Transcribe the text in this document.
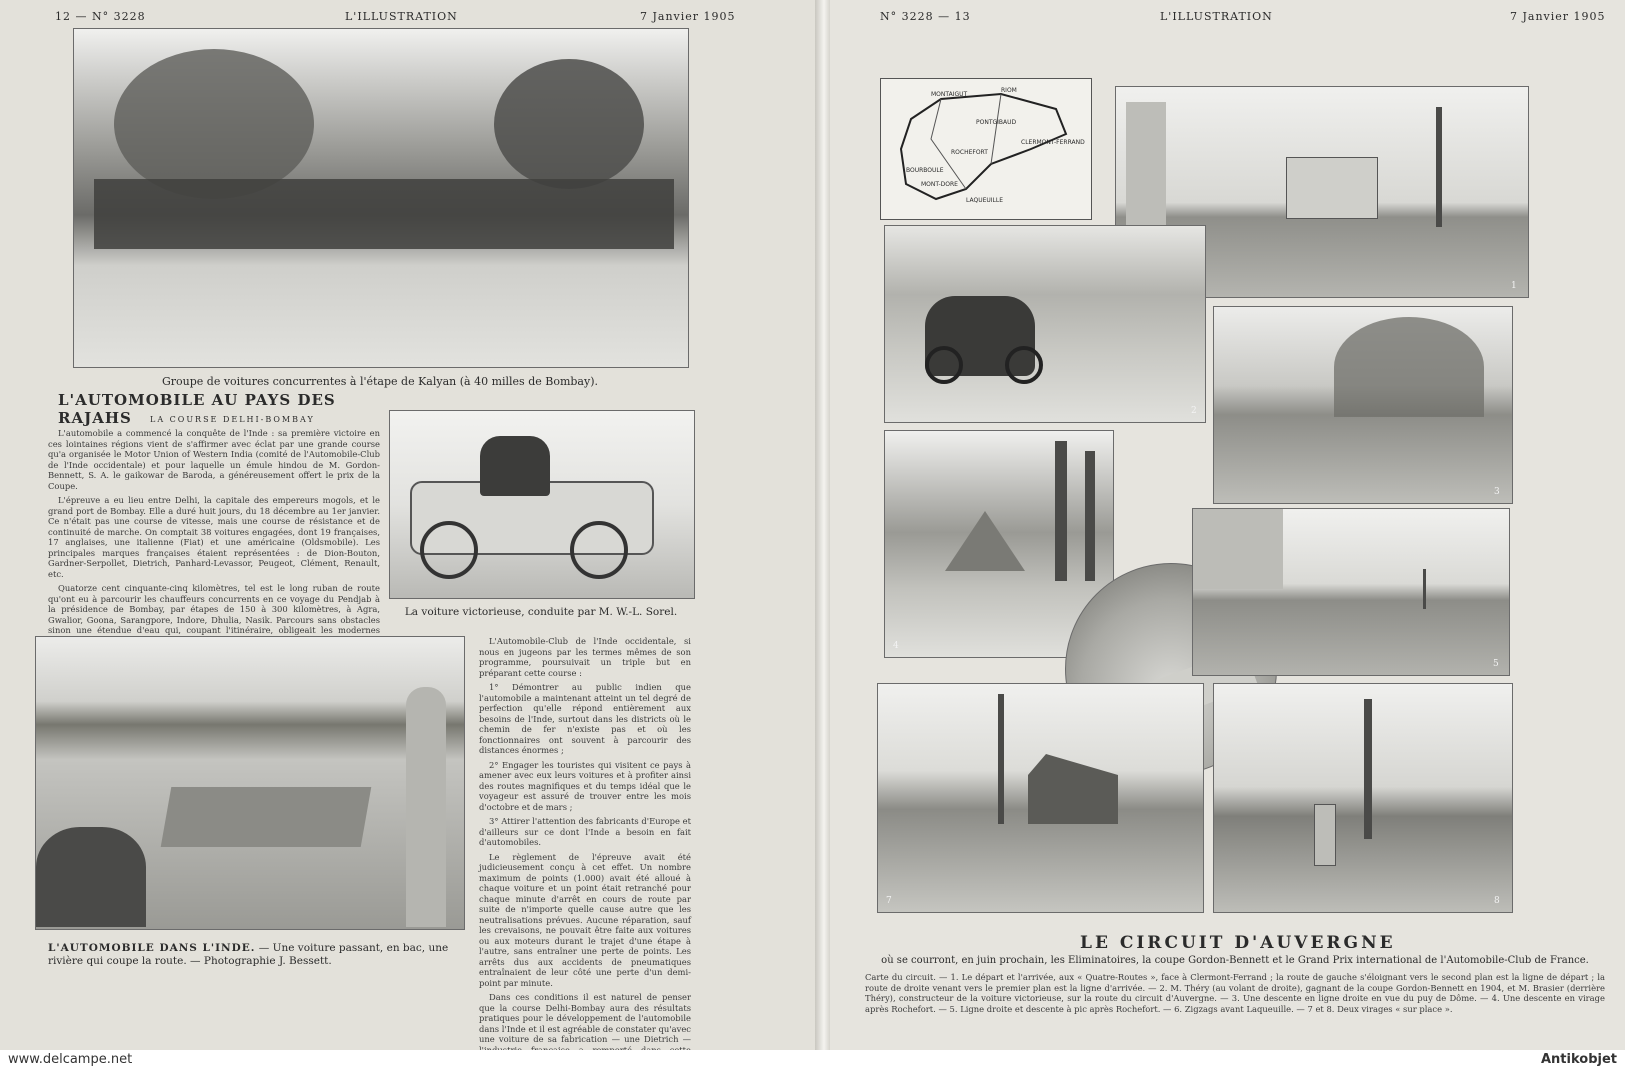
12 — N° 3228	L'ILLUSTRATION	7 Janvier 1905
Groupe de voitures concurrentes à l'étape de Kalyan (à 40 milles de Bombay).
L'AUTOMOBILE AU PAYS DES RAJAHS	LA COURSE DELHI-BOMBAY

L'automobile a commencé la conquête de l'Inde : sa première victoire en ces lointaines régions vient de s'affirmer avec éclat par une grande course qu'a organisée le Motor Union of Western India (comité de l'Automobile-Club de l'Inde occidentale) et pour laquelle un émule hindou de M. Gordon-Bennett, S. A. le gaikowar de Baroda, a généreusement offert le prix de la Coupe.

L'épreuve a eu lieu entre Delhi, la capitale des empereurs mogols, et le grand port de Bombay. Elle a duré huit jours, du 18 décembre au 1er janvier. Ce n'était pas une course de vitesse, mais une course de résistance et de continuité de marche. On comptait 38 voitures engagées, dont 19 françaises, 17 anglaises, une italienne (Fiat) et une américaine (Oldsmobile). Les principales marques françaises étaient représentées : de Dion-Bouton, Gardner-Serpollet, Dietrich, Panhard-Levassor, Peugeot, Clément, Renault, etc.

Quatorze cent cinquante-cinq kilomètres, tel est le long ruban de route qu'ont eu à parcourir les chauffeurs concurrents en ce voyage du Pendjab à la présidence de Bombay, par étapes de 150 à 300 kilomètres, à Agra, Gwalior, Goona, Sarangpore, Indore, Dhulia, Nasik. Parcours sans obstacles sinon une étendue d'eau qui, coupant l'itinéraire, obligeait les modernes

La voiture victorieuse, conduite par M. W.-L. Sorel.
L'AUTOMOBILE DANS L'INDE. — Une voiture passant, en bac, une rivière qui coupe la route. — Photographie J. Bessett.

L'Automobile-Club de l'Inde occidentale, si nous en jugeons par les termes mêmes de son programme, poursuivait un triple but en préparant cette course :

1° Démontrer au public indien que l'automobile a maintenant atteint un tel degré de perfection qu'elle répond entièrement aux besoins de l'Inde, surtout dans les districts où le chemin de fer n'existe pas et où les fonctionnaires ont souvent à parcourir des distances énormes ;

2° Engager les touristes qui visitent ce pays à amener avec eux leurs voitures et à profiter ainsi des routes magnifiques et du temps idéal que le voyageur est assuré de trouver entre les mois d'octobre et de mars ;

3° Attirer l'attention des fabricants d'Europe et d'ailleurs sur ce dont l'Inde a besoin en fait d'automobiles.

Le règlement de l'épreuve avait été judicieusement conçu à cet effet. Un nombre maximum de points (1.000) avait été alloué à chaque voiture et un point était retranché pour chaque minute d'arrêt en cours de route par suite de n'importe quelle cause autre que les neutralisations prévues. Aucune réparation, sauf les crevaisons, ne pouvait être faite aux voitures ou aux moteurs durant le trajet d'une étape à l'autre, sans entraîner une perte de points. Les arrêts dus aux accidents de pneumatiques entraînaient de leur côté une perte d'un demi-point par minute.

Dans ces conditions il est naturel de penser que la course Delhi-Bombay aura des résultats pratiques pour le développement de l'automobile dans l'Inde et il est agréable de constater qu'avec une voiture de sa fabrication — une Dietrich —

N° 3228 — 13	L'ILLUSTRATION	7 Janvier 1905
MONTAIGUT
RIOM
PONTGIBAUD
CLERMONT-FERRAND
ROCHEFORT
BOURBOULE
MONT-DORE
LAQUEUILLE
1
2
3
4
5
7	8
LE CIRCUIT D'AUVERGNE
où se courront, en juin prochain, les Eliminatoires, la coupe Gordon-Bennett et le Grand Prix international de l'Automobile-Club de France.

Carte du circuit. — 1. Le départ et l'arrivée, aux « Quatre-Routes », face à Clermont-Ferrand ; la route de gauche s'éloignant vers le second plan est la ligne de départ ; la route de droite venant vers le premier plan est la ligne d'arrivée. — 2. M. Théry (au volant de droite), gagnant de la coupe Gordon-Bennett en 1904, et M. Brasier (derrière Théry), constructeur de la voiture victorieuse, sur la route du circuit d'Auvergne. — 3. Une descente en ligne droite en vue du puy de Dôme. — 4. Une descente en virage après Rochefort. — 5. Ligne droite et descente à pic après Rochefort. — 6. Zigzags avant Laqueuille. — 7 et 8. Deux virages « sur place ».

www.delcampe.net	Antikobjet
